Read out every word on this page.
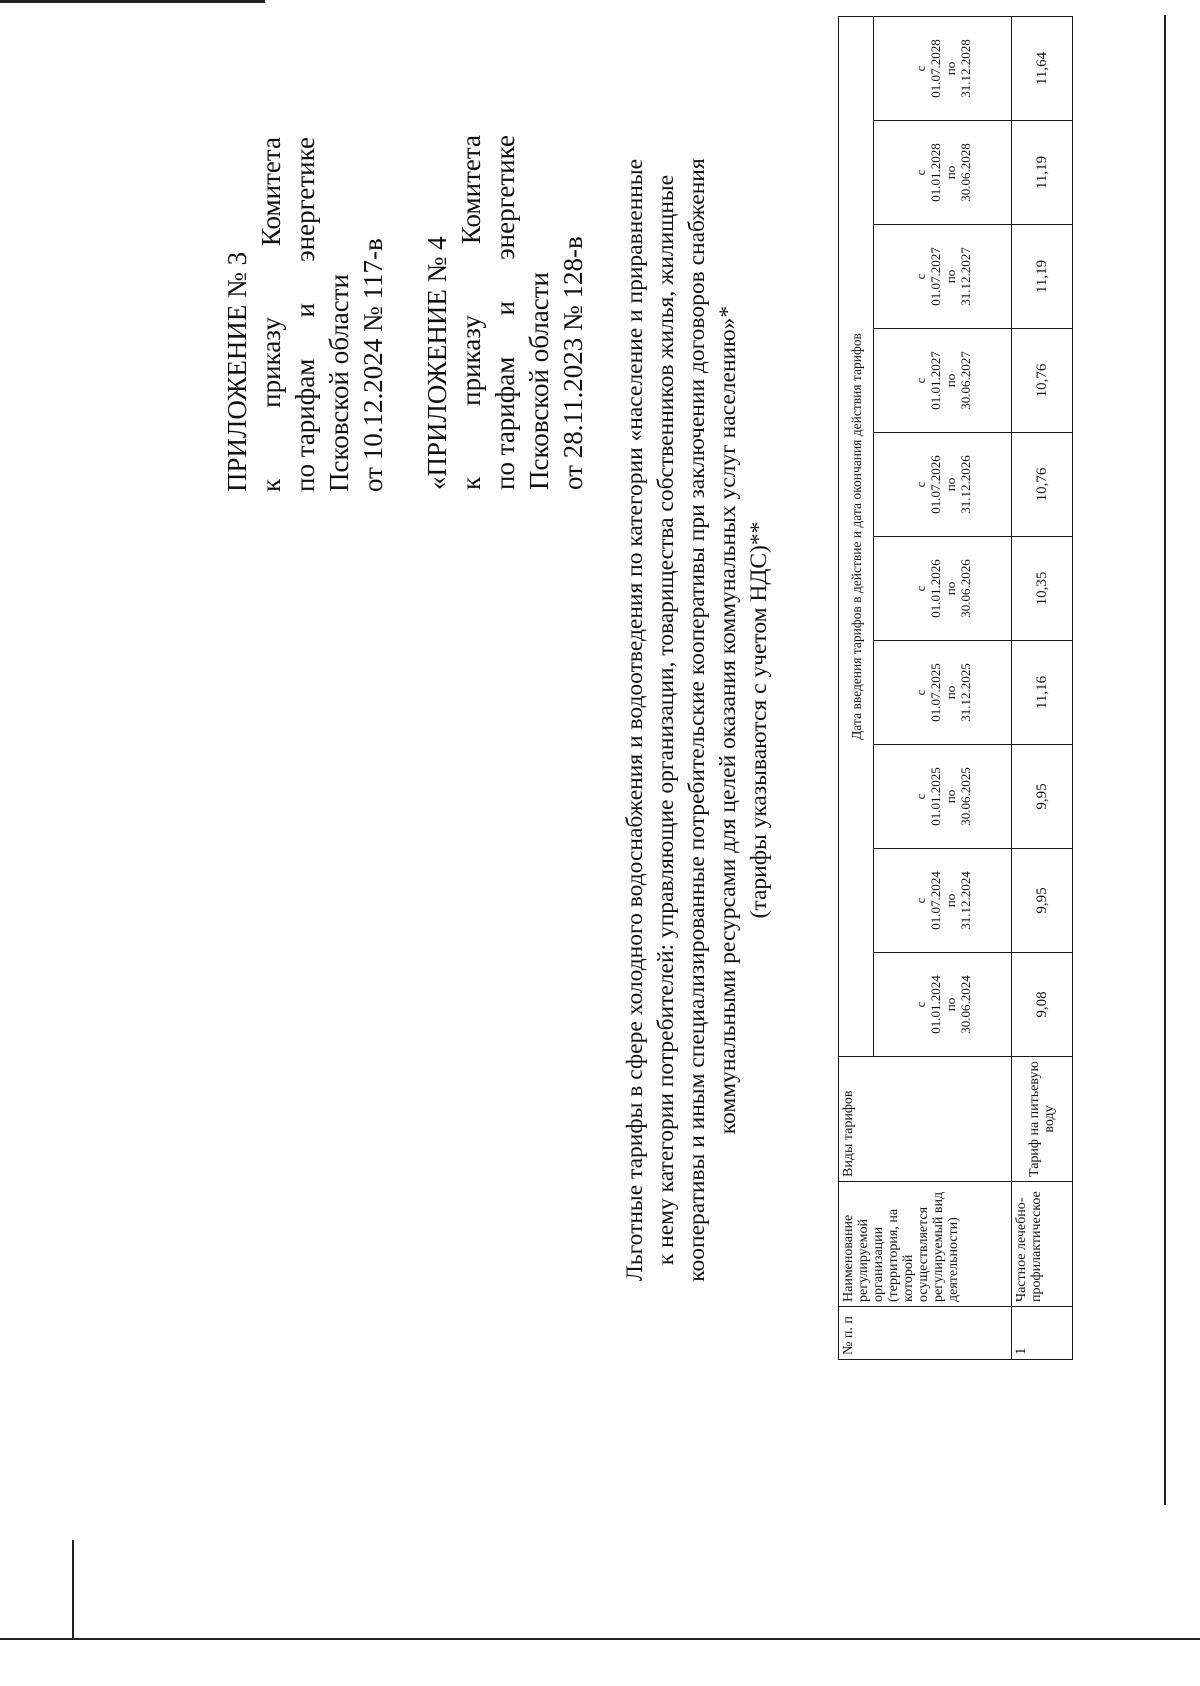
ПРИЛОЖЕНИЕ № 3 к
приказу
Комитета
по тарифам
и
энергетике
Псковской области от 10.12.2024 № 117-в «ПРИЛОЖЕНИЕ № 4 к
приказу
Комитета
по тарифам
и
энергетике
Псковской области от 28.11.2023 № 128-в Льготные тарифы в сфере холодного водоснабжения и водоотведения по категории «население и приравненные к нему категории потребителей: управляющие организации, товарищества собственников жилья, жилищные кооперативы и иным специализированные потребительские кооперативы при заключении договоров снабжения коммунальными ресурсами для целей оказания коммунальных услуг населению»* (тарифы указываются с учетом НДС)**
№ п. п	Наименование регулируемой организации (территория, на которой осуществляется регулируемый вид деятельности)	Виды тарифов	Дата введения тарифов в действие и дата окончания действия тарифов									

			с 01.01.2024 по 30.06.2024	с 01.07.2024 по 31.12.2024	с 01.01.2025 по 30.06.2025	с 01.07.2025 по 31.12.2025	с 01.01.2026 по 30.06.2026	с 01.07.2026 по 31.12.2026	с 01.01.2027 по 30.06.2027	с 01.07.2027 по 31.12.2027	с 01.01.2028 по 30.06.2028	с 01.07.2028 по 31.12.2028

1	Частное лечебно-профилактическое	Тариф на питьевую воду	9,08	9,95	9,95	11,16	10,35	10,76	10,76	11,19	11,19	11,64
